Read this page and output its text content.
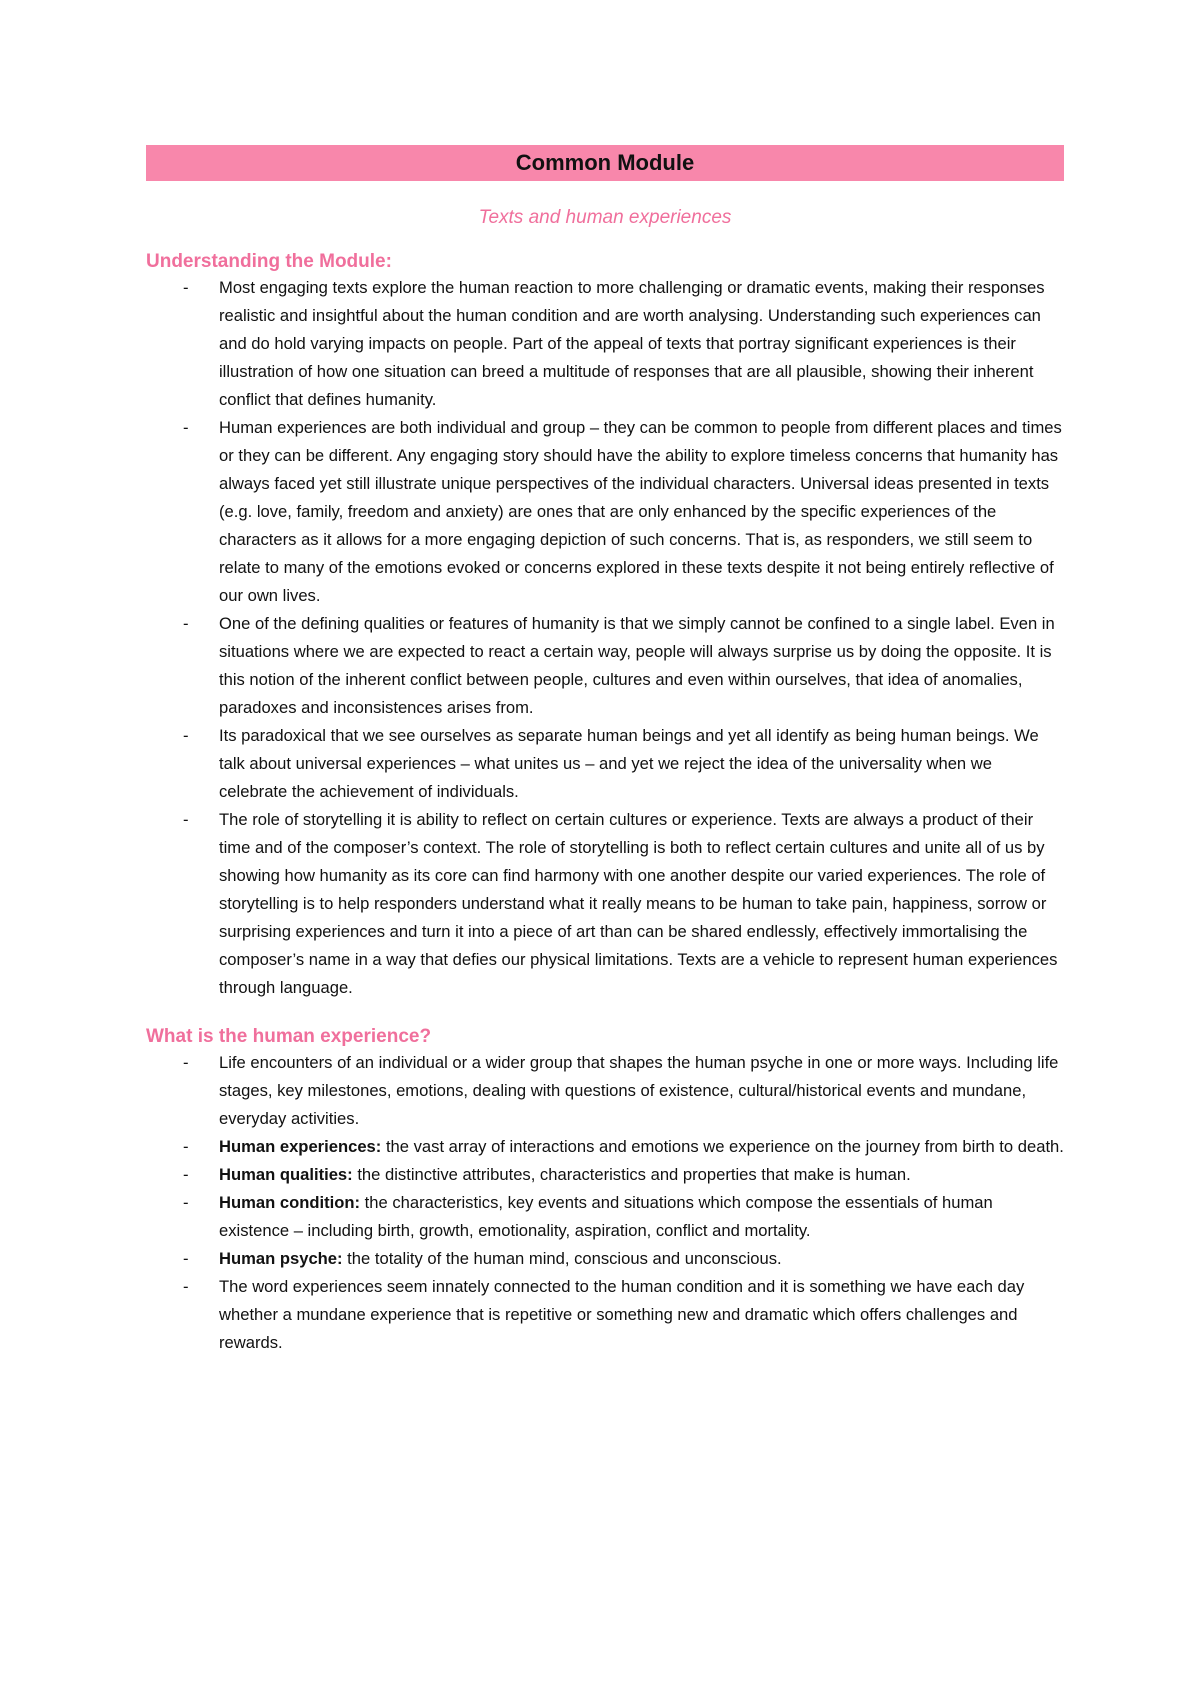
Common Module
Texts and human experiences
Understanding the Module:
- Most engaging texts explore the human reaction to more challenging or dramatic events, making their responses realistic and insightful about the human condition and are worth analysing. Understanding such experiences can and do hold varying impacts on people. Part of the appeal of texts that portray significant experiences is their illustration of how one situation can breed a multitude of responses that are all plausible, showing their inherent conflict that defines humanity.
- Human experiences are both individual and group – they can be common to people from different places and times or they can be different. Any engaging story should have the ability to explore timeless concerns that humanity has always faced yet still illustrate unique perspectives of the individual characters. Universal ideas presented in texts (e.g. love, family, freedom and anxiety) are ones that are only enhanced by the specific experiences of the characters as it allows for a more engaging depiction of such concerns. That is, as responders, we still seem to relate to many of the emotions evoked or concerns explored in these texts despite it not being entirely reflective of our own lives.
- One of the defining qualities or features of humanity is that we simply cannot be confined to a single label. Even in situations where we are expected to react a certain way, people will always surprise us by doing the opposite. It is this notion of the inherent conflict between people, cultures and even within ourselves, that idea of anomalies, paradoxes and inconsistences arises from.
- Its paradoxical that we see ourselves as separate human beings and yet all identify as being human beings. We talk about universal experiences – what unites us – and yet we reject the idea of the universality when we celebrate the achievement of individuals.
- The role of storytelling it is ability to reflect on certain cultures or experience. Texts are always a product of their time and of the composer’s context. The role of storytelling is both to reflect certain cultures and unite all of us by showing how humanity as its core can find harmony with one another despite our varied experiences. The role of storytelling is to help responders understand what it really means to be human to take pain, happiness, sorrow or surprising experiences and turn it into a piece of art than can be shared endlessly, effectively immortalising the composer’s name in a way that defies our physical limitations. Texts are a vehicle to represent human experiences through language.
What is the human experience?
- Life encounters of an individual or a wider group that shapes the human psyche in one or more ways. Including life stages, key milestones, emotions, dealing with questions of existence, cultural/historical events and mundane, everyday activities.
- Human experiences: the vast array of interactions and emotions we experience on the journey from birth to death.
- Human qualities: the distinctive attributes, characteristics and properties that make is human.
- Human condition: the characteristics, key events and situations which compose the essentials of human existence – including birth, growth, emotionality, aspiration, conflict and mortality.
- Human psyche: the totality of the human mind, conscious and unconscious.
- The word experiences seem innately connected to the human condition and it is something we have each day whether a mundane experience that is repetitive or something new and dramatic which offers challenges and rewards.
